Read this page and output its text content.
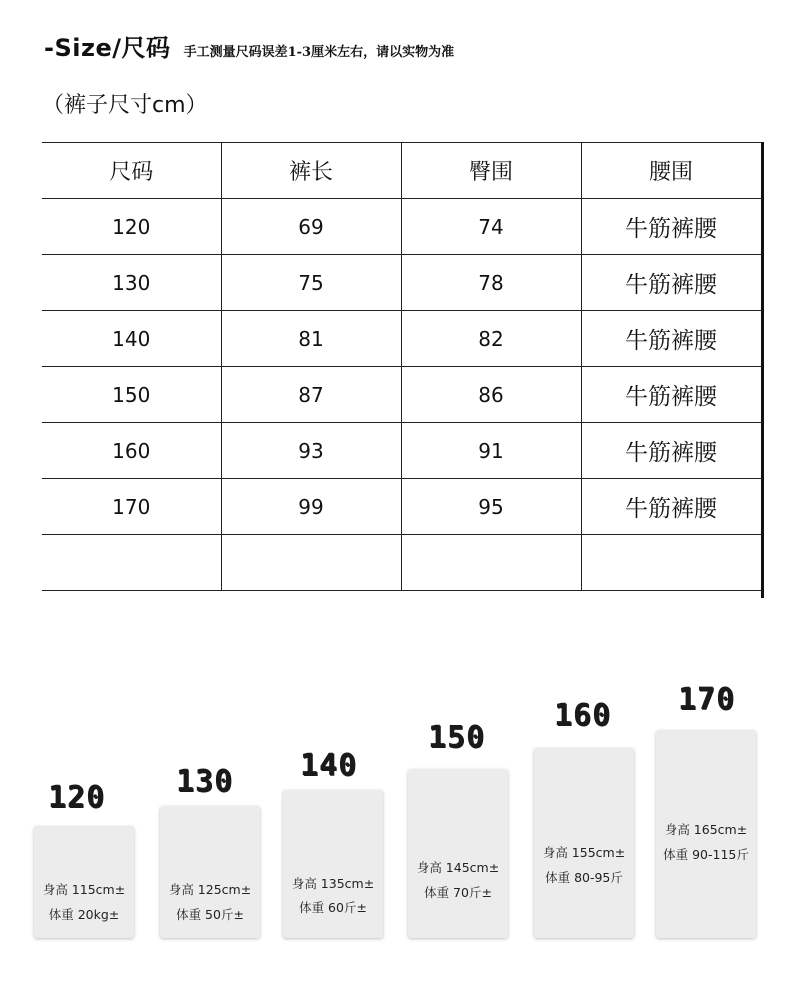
-Size/尺码 手工测量尺码误差1-3厘米左右，请以实物为准
（裤子尺寸cm）
尺码	裤长	臀围	腰围
120	69	74	牛筋裤腰
130	75	78	牛筋裤腰
140	81	82	牛筋裤腰
150	87	86	牛筋裤腰
160	93	91	牛筋裤腰
170	99	95	牛筋裤腰

120
身高 115cm±
体重 20kg±
130
身高 125cm±
体重 50斤±
140
身高 135cm±
体重 60斤±
150
身高 145cm±
体重 70斤±
160
身高 155cm±
体重 80-95斤
170
身高 165cm±
体重 90-115斤
